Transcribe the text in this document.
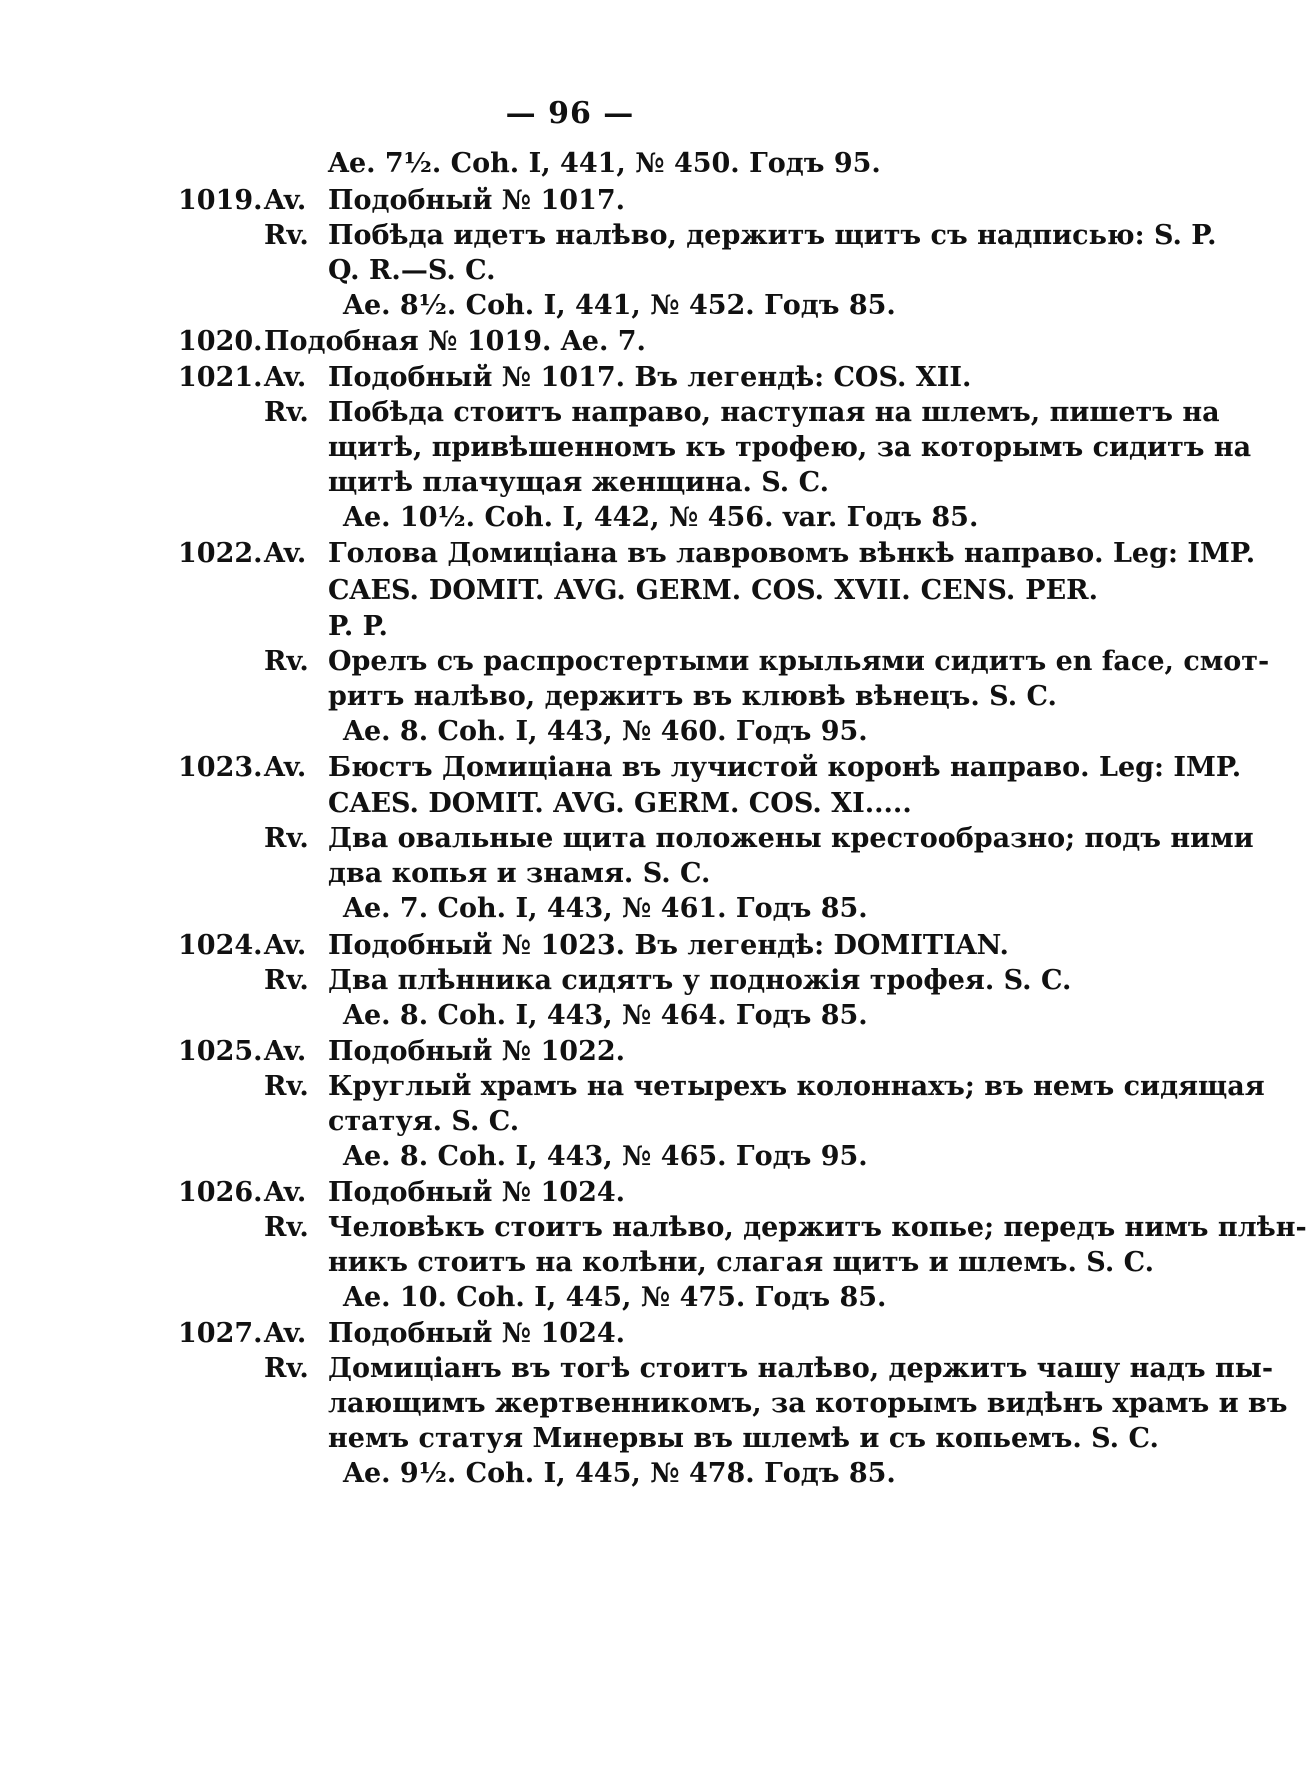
— 96 —
Ae. 7½. Coh. I, 441, № 450. Годъ 95.
1019. Av. Подобный № 1017.
Rv. Побѣда идетъ налѣво, держитъ щитъ съ надписью: S. P.
Q. R.—S. C.
Ae. 8½. Coh. I, 441, № 452. Годъ 85.
1020. Подобная № 1019. Ae. 7.
1021. Av. Подобный № 1017. Въ легендѣ: COS. XII.
Rv. Побѣда стоитъ направо, наступая на шлемъ, пишетъ на
щитѣ, привѣшенномъ къ трофею, за которымъ сидитъ на
щитѣ плачущая женщина. S. C.
Ae. 10½. Coh. I, 442, № 456. var. Годъ 85.
1022. Av. Голова Домиціана въ лавровомъ вѣнкѣ направо. Leg: IMP.
CAES. DOMIT. AVG. GERM. COS. XVII. CENS. PER.
P. P.
Rv. Орелъ съ распростертыми крыльями сидитъ en face, смот-
ритъ налѣво, держитъ въ клювѣ вѣнецъ. S. C.
Ae. 8. Coh. I, 443, № 460. Годъ 95.
1023. Av. Бюстъ Домиціана въ лучистой коронѣ направо. Leg: IMP.
CAES. DOMIT. AVG. GERM. COS. XI.....
Rv. Два овальные щита положены крестообразно; подъ ними
два копья и знамя. S. C.
Ae. 7. Coh. I, 443, № 461. Годъ 85.
1024. Av. Подобный № 1023. Въ легендѣ: DOMITIAN.
Rv. Два плѣнника сидятъ у подножія трофея. S. C.
Ae. 8. Coh. I, 443, № 464. Годъ 85.
1025. Av. Подобный № 1022.
Rv. Круглый храмъ на четырехъ колоннахъ; въ немъ сидящая
статуя. S. C.
Ae. 8. Coh. I, 443, № 465. Годъ 95.
1026. Av. Подобный № 1024.
Rv. Человѣкъ стоитъ налѣво, держитъ копье; передъ нимъ плѣн-
никъ стоитъ на колѣни, слагая щитъ и шлемъ. S. C.
Ae. 10. Coh. I, 445, № 475. Годъ 85.
1027. Av. Подобный № 1024.
Rv. Домиціанъ въ тогѣ стоитъ налѣво, держитъ чашу надъ пы-
лающимъ жертвенникомъ, за которымъ видѣнъ храмъ и въ
немъ статуя Минервы въ шлемѣ и съ копьемъ. S. C.
Ae. 9½. Coh. I, 445, № 478. Годъ 85.
